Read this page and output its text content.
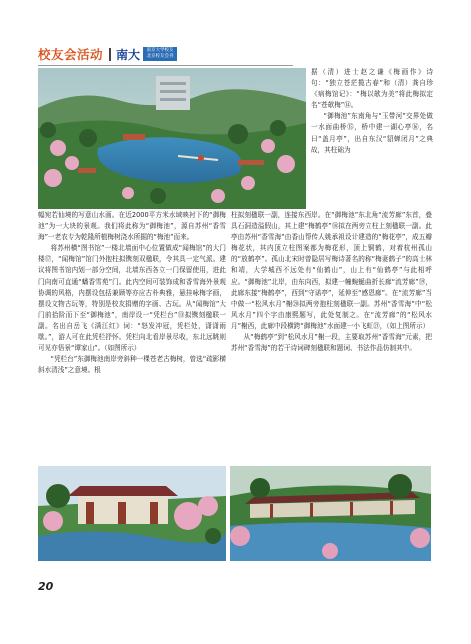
校友会活动 南大	南京大学校友 北京校友会刊

据（清）进士赵之谦《梅画作》诗句：“独立苍茫揽古春”和（清）龚自珍《病梅馆记》：“梅以欹为美”将此梅拟定名“苍欹梅”⑭。

“御梅池”东南角与“玉带河”交界处做一水面曲桥⑮，桥中建一湖心亭⑯，名曰“盖月亭”，出自东汉“貂蝉闭月”之典故，其柱础为

幅宛若仙境的写意山水画。在近2000平方米水域映衬下的“御梅池”为一大块的景观。我们将此称为“御梅池”，源自苏州“香雪海”一老农专为乾隆所植梅树浇水所掘的“梅池”而来。

将苏州横“图书馆”一楼北墙面中心位置做成“闻梅馆”的大门楼⑰，“闻梅馆”馆门外抱柱拟镌刻双楹联，令其具一定气派。建议将图书馆内划一部分空间，北墙东西各立一门保留使用，进此门向南可直通“蟠香雪苑”门。此内空间可装饰成和香雪海外景观协调的风格，内摆设包括兼顾等亦应古朴典雅，悬挂咏梅字画，摆设文物古玩等，特别是校友捐赠的字画、古玩。从“闻梅馆”大门前拾阶而下至“御梅池”，南岸设一“凭栏台”⑬拟镌刻楹联一副。名出自岳飞《满江红》词：“怒发冲冠，凭栏处，潇潇雨歇。”，游人可在此凭栏抒怀。凭栏向北看岸景尽收，东北远眺则可见亦悟景“谭家山”。（如图所示）

“凭栏台”东御梅池南岸旁斜种一棵苍老古梅树，曾选“疏影横斜水清浅”之意境。根

柱拟刻楹联一副，连接东西岸。在“御梅池”东北角“流芳廊”东首，叠具石洞造溢假山，其上建“梅鹤亭”⑱拟在两旁立柱上刻楹联一副。此亭由苏州“香雪海”由香山帮传人姚承祖设计建造的“梅花亭”，成五瓣梅花状，其内顶立柱图案都为梅花形，顶上铜鹤，对着杭州孤山的“放鹤亭”。孤山北宋时曾隐居写梅诗著名的称“梅妻鹤子”的高士林和靖，大学城西不远处有“仙鹤山”，山上有“仙鹤亭”与此相呼应。“御梅池”北岸，由东向西，拟建一幢蜿蜒曲折长廊“流芳廊”⑲，此廊东接“梅鹤亭”，西到“守诺亭”，延伸至“感恩廊”。在“流芳廊”当中做一“松风水月”榭⑳拟两旁抱柱刻楹联一副。苏州“香雪海”中“松风水月”四个字由康熙题写，此处复制之。在“流芳廊”的“松风水月”榭西，此廊中段横跨“御梅池”水面建一小飞虹㉑，（如上图所示）

从“梅鹤亭”到“松风水月”榭一段，主要取苏州“香雪海”元素，把苏州“香雪海”的若干诗词碑刻楹联和题词、书法作品仿制其中。

20
